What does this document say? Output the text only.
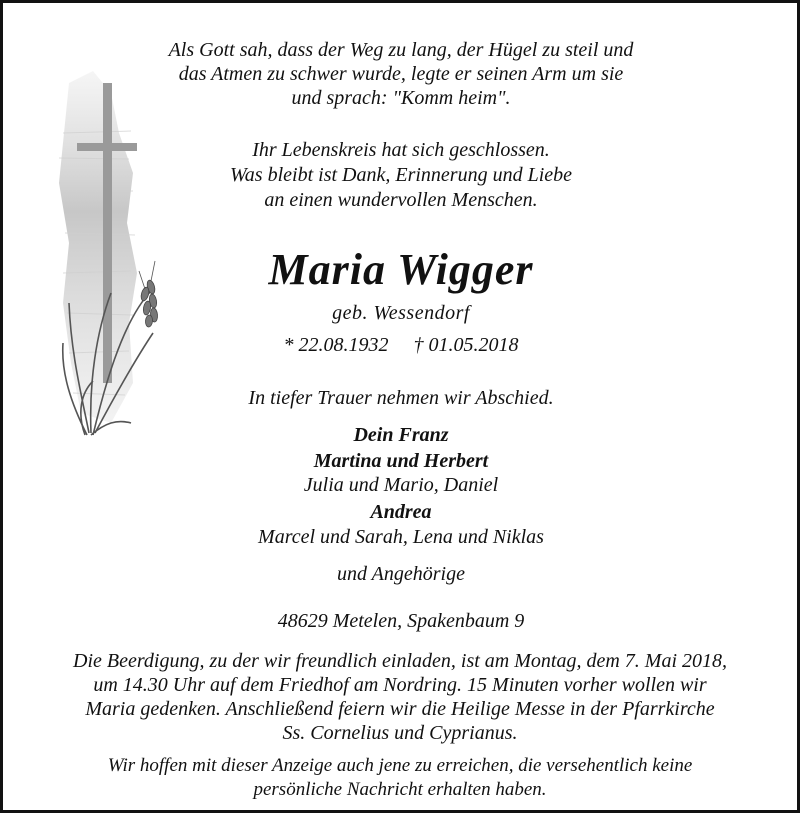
Als Gott sah, dass der Weg zu lang, der Hügel zu steil und
das Atmen zu schwer wurde, legte er seinen Arm um sie
und sprach: "Komm heim".
Ihr Lebenskreis hat sich geschlossen.
Was bleibt ist Dank, Erinnerung und Liebe
an einen wundervollen Menschen.
Maria Wigger
geb. Wessendorf
* 22.08.1932     † 01.05.2018
In tiefer Trauer nehmen wir Abschied.
Dein Franz
Martina und Herbert
Julia und Mario, Daniel
Andrea
Marcel und Sarah, Lena und Niklas
und Angehörige
48629 Metelen, Spakenbaum 9
Die Beerdigung, zu der wir freundlich einladen, ist am Montag, dem 7. Mai 2018,
um 14.30 Uhr auf dem Friedhof am Nordring. 15 Minuten vorher wollen wir
Maria gedenken. Anschließend feiern wir die Heilige Messe in der Pfarrkirche
Ss. Cornelius und Cyprianus.
Wir hoffen mit dieser Anzeige auch jene zu erreichen, die versehentlich keine
persönliche Nachricht erhalten haben.
